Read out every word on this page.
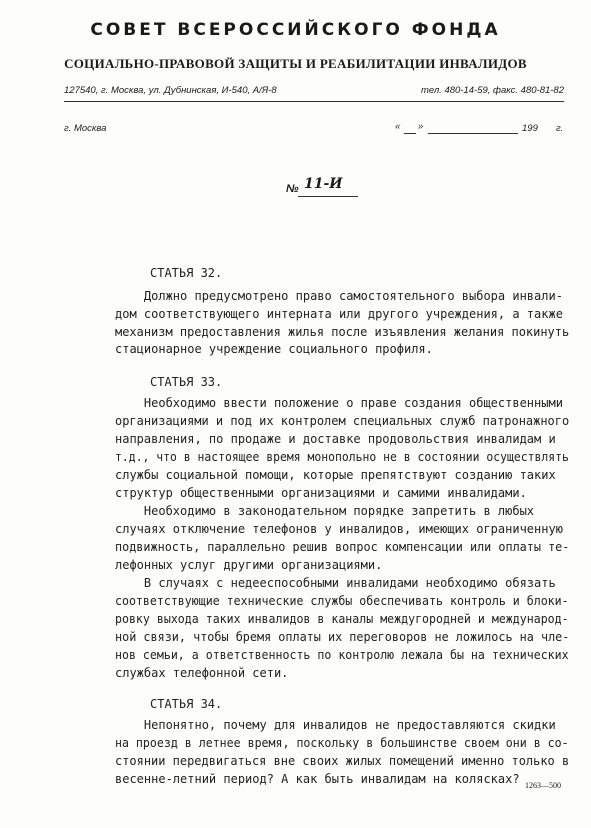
СОВЕТ ВСЕРОССИЙСКОГО ФОНДА
СОЦИАЛЬНО-ПРАВОВОЙ ЗАЩИТЫ И РЕАБИЛИТАЦИИ ИНВАЛИДОВ
127540, г. Москва, ул. Дубнинская, И-540, А/Я-8	тел. 480-14-59, факс. 480-81-82
г. Москва	« »	199 г.
№ 11-И
СТАТЬЯ 32.
Должно предусмотрено право самостоятельного выбора инвали-
дом соответствующего интерната или другого учреждения, а также
механизм предоставления жилья после изъявления желания покинуть
стационарное учреждение социального профиля.
СТАТЬЯ 33.
Необходимо ввести положение о праве создания общественными
организациями и под их контролем специальных служб патронажного
направления, по продаже и доставке продовольствия инвалидам и
т.д., что в настоящее время монопольно не в состоянии осуществлять
службы социальной помощи, которые препятствуют созданию таких
структур общественными организациями и самими инвалидами.
Необходимо в законодательном порядке запретить в любых
случаях отключение телефонов у инвалидов, имеющих ограниченную
подвижность, параллельно решив вопрос компенсации или оплаты те-
лефонных услуг другими организациями.
В случаях с недееспособными инвалидами необходимо обязать
соответствующие технические службы обеспечивать контроль и блоки-
ровку выхода таких инвалидов в каналы междугородней и международ-
ной связи, чтобы бремя оплаты их переговоров не ложилось на чле-
нов семьи, а ответственность по контролю лежала бы на технических
службах телефонной сети.
СТАТЬЯ 34.
Непонятно, почему для инвалидов не предоставляются скидки
на проезд в летнее время, поскольку в большинстве своем они в со-
стоянии передвигаться вне своих жилых помещений именно только в
весенне-летний период? А как быть инвалидам на колясках? 1263—500
